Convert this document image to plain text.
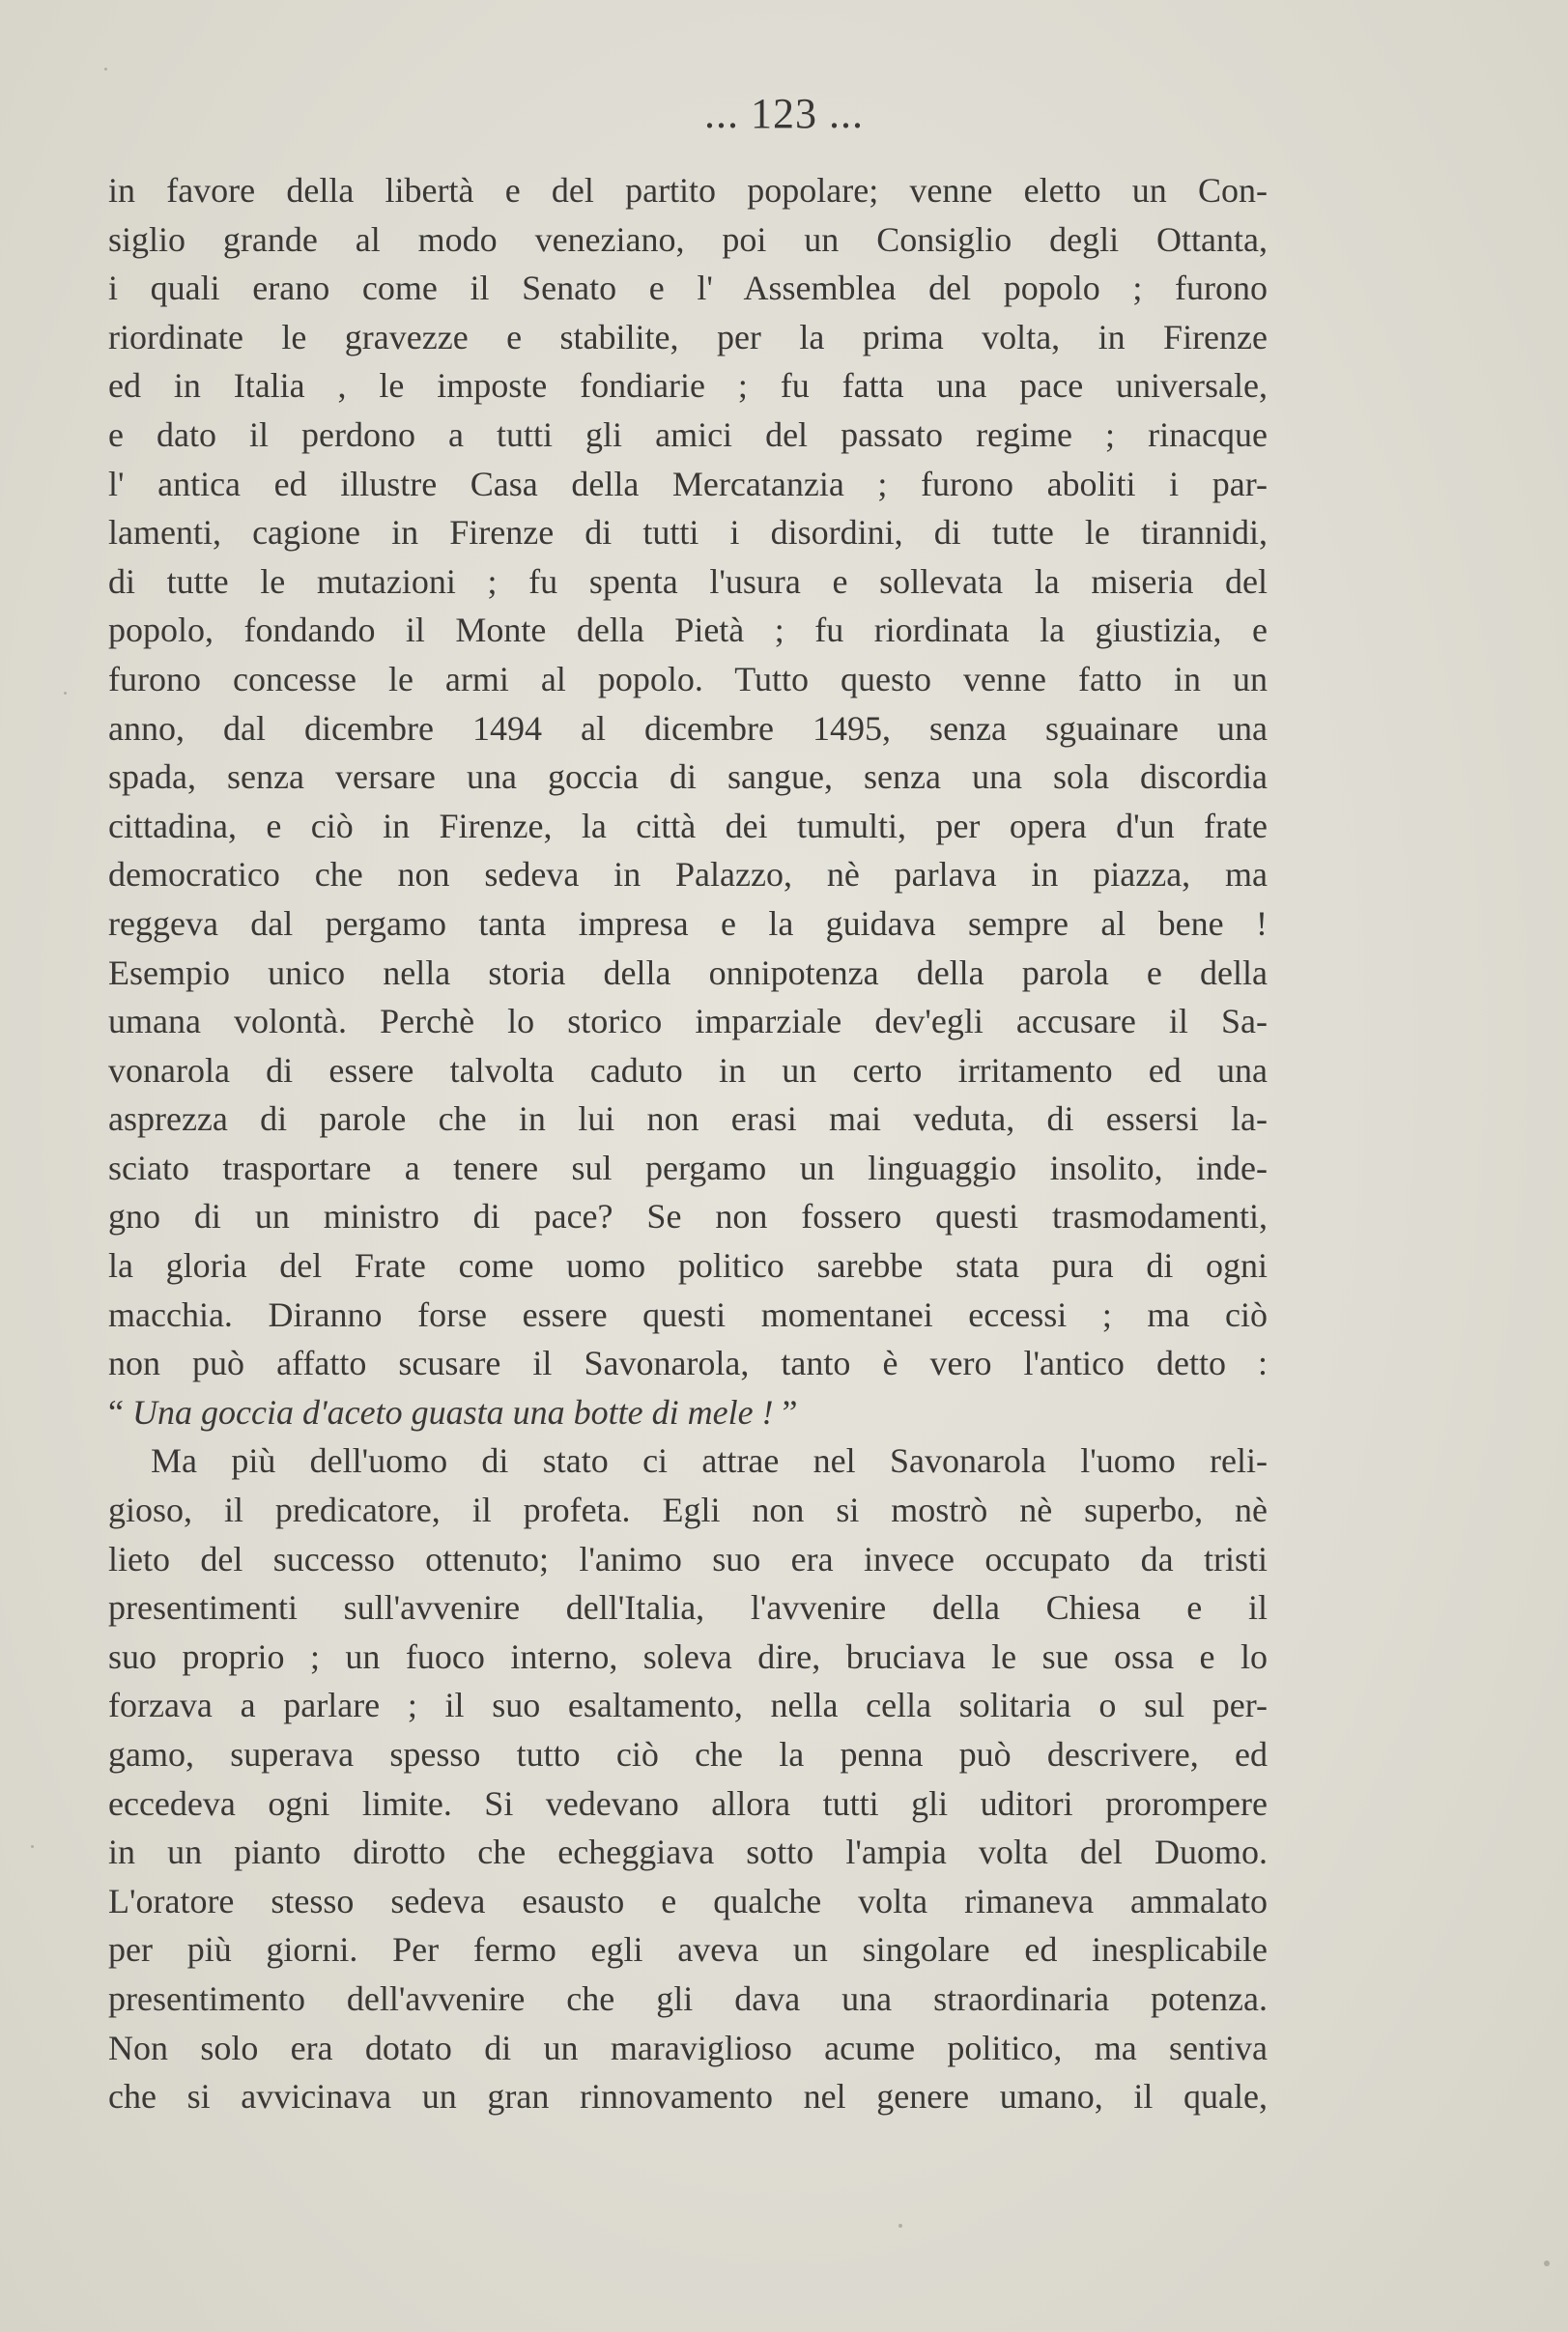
... 123 ...
in favore della libertà e del partito popolare; venne eletto un Con-
siglio grande al modo veneziano, poi un Consiglio degli Ottanta,
i quali erano come il Senato e l' Assemblea del popolo ; furono
riordinate le gravezze e stabilite, per la prima volta, in Firenze
ed in Italia , le imposte fondiarie ; fu fatta una pace universale,
e dato il perdono a tutti gli amici del passato regime ; rinacque
l' antica ed illustre Casa della Mercatanzia ; furono aboliti i par-
lamenti, cagione in Firenze di tutti i disordini, di tutte le tirannidi,
di tutte le mutazioni ; fu spenta l'usura e sollevata la miseria del
popolo, fondando il Monte della Pietà ; fu riordinata la giustizia, e
furono concesse le armi al popolo. Tutto questo venne fatto in un
anno, dal dicembre 1494 al dicembre 1495, senza sguainare una
spada, senza versare una goccia di sangue, senza una sola discordia
cittadina, e ciò in Firenze, la città dei tumulti, per opera d'un frate
democratico che non sedeva in Palazzo, nè parlava in piazza, ma
reggeva dal pergamo tanta impresa e la guidava sempre al bene !
Esempio unico nella storia della onnipotenza della parola e della
umana volontà. Perchè lo storico imparziale dev'egli accusare il Sa-
vonarola di essere talvolta caduto in un certo irritamento ed una
asprezza di parole che in lui non erasi mai veduta, di essersi la-
sciato trasportare a tenere sul pergamo un linguaggio insolito, inde-
gno di un ministro di pace? Se non fossero questi trasmodamenti,
la gloria del Frate come uomo politico sarebbe stata pura di ogni
macchia. Diranno forse essere questi momentanei eccessi ; ma ciò
non può affatto scusare il Savonarola, tanto è vero l'antico detto :
“ Una goccia d'aceto guasta una botte di mele ! ”
Ma più dell'uomo di stato ci attrae nel Savonarola l'uomo reli-
gioso, il predicatore, il profeta. Egli non si mostrò nè superbo, nè
lieto del successo ottenuto; l'animo suo era invece occupato da tristi
presentimenti sull'avvenire dell'Italia, l'avvenire della Chiesa e il
suo proprio ; un fuoco interno, soleva dire, bruciava le sue ossa e lo
forzava a parlare ; il suo esaltamento, nella cella solitaria o sul per-
gamo, superava spesso tutto ciò che la penna può descrivere, ed
eccedeva ogni limite. Si vedevano allora tutti gli uditori prorompere
in un pianto dirotto che echeggiava sotto l'ampia volta del Duomo.
L'oratore stesso sedeva esausto e qualche volta rimaneva ammalato
per più giorni. Per fermo egli aveva un singolare ed inesplicabile
presentimento dell'avvenire che gli dava una straordinaria potenza.
Non solo era dotato di un maraviglioso acume politico, ma sentiva
che si avvicinava un gran rinnovamento nel genere umano, il quale,
